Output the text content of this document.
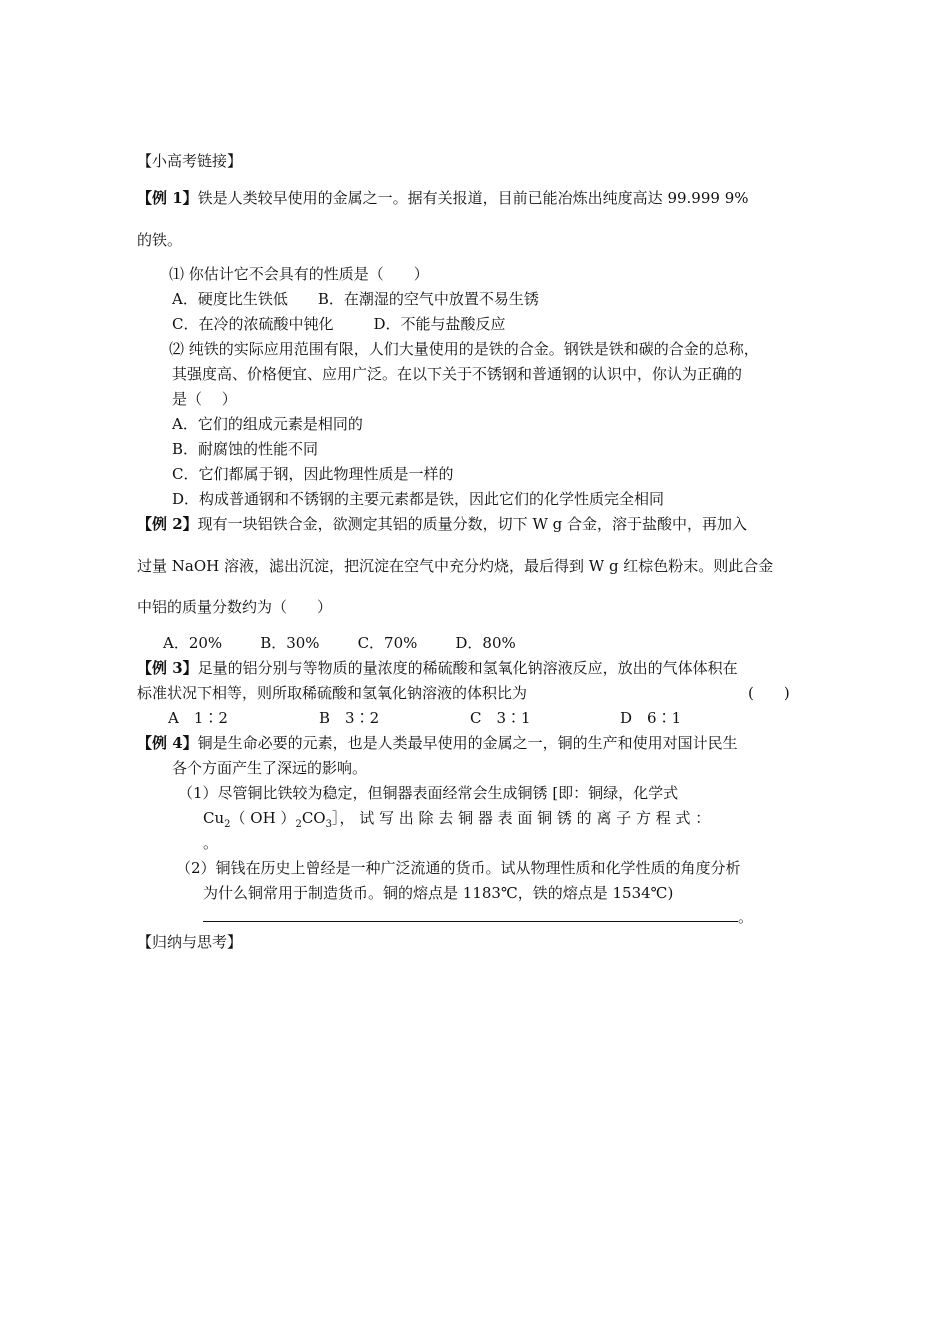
【小高考链接】
【例 1】铁是人类较早使用的金属之一。据有关报道，目前已能冶炼出纯度高达 99.999 9%
的铁。
⑴ 你估计它不会具有的性质是（　　）
A．硬度比生铁低 B．在潮湿的空气中放置不易生锈
C．在冷的浓硫酸中钝化	D．不能与盐酸反应
⑵ 纯铁的实际应用范围有限，人们大量使用的是铁的合金。钢铁是铁和碳的合金的总称，
其强度高、价格便宜、应用广泛。在以下关于不锈钢和普通钢的认识中，你认为正确的
是（　 ）
A．它们的组成元素是相同的
B．耐腐蚀的性能不同
C．它们都属于钢，因此物理性质是一样的
D．构成普通钢和不锈钢的主要元素都是铁，因此它们的化学性质完全相同
【例 2】现有一块铝铁合金，欲测定其铝的质量分数，切下 W g 合金，溶于盐酸中，再加入
过量 NaOH 溶液，滤出沉淀，把沉淀在空气中充分灼烧，最后得到 W g 红棕色粉末。则此合金
中铝的质量分数约为（　　）
A．20%	B．30%	C．70%	D．80%
【例 3】足量的铝分别与等物质的量浓度的稀硫酸和氢氧化钠溶液反应，放出的气体体积在
标准状况下相等，则所取稀硫酸和氢氧化钠溶液的体积比为	(　　)
A　1∶2	B　3∶2	C　3∶1	D　6∶1
【例 4】铜是生命必要的元素，也是人类最早使用的金属之一，铜的生产和使用对国计民生
各个方面产生了深远的影响。
（1）尽管铜比铁较为稳定，但铜器表面经常会生成铜锈 [即：铜绿，化学式
$Cu_2$（ OH ）$_2CO_3]$， 试 写 出 除 去 铜 器 表 面 铜 锈 的 离 子 方 程 式 ：
。
（2）铜钱在历史上曾经是一种广泛流通的货币。试从物理性质和化学性质的角度分析
为什么铜常用于制造货币。铜的熔点是 1183℃，铁的熔点是 1534℃)
。
【归纳与思考】
